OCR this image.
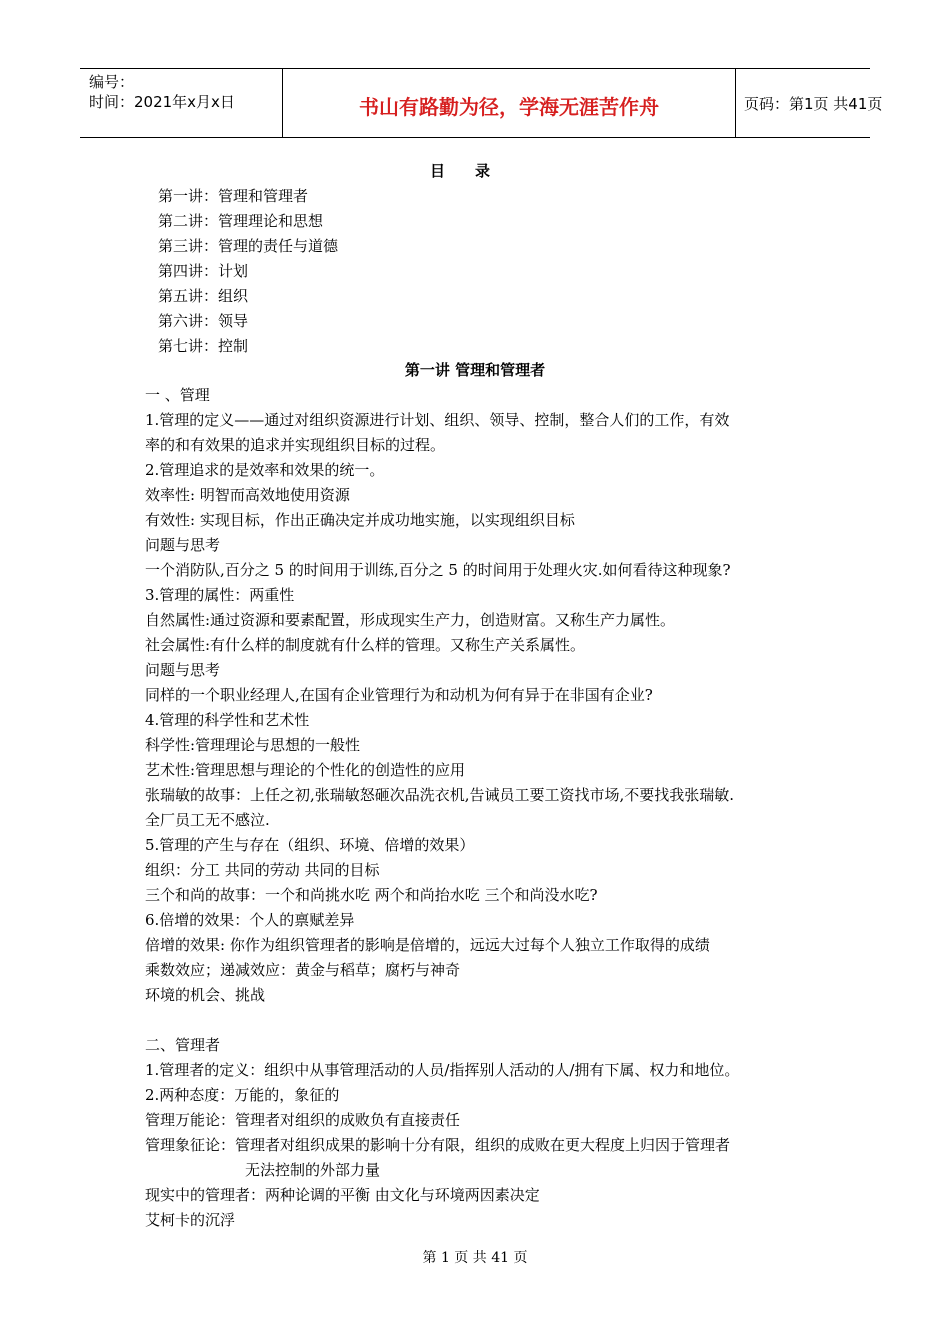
编号：
时间：2021年x月x日	书山有路勤为径，学海无涯苦作舟	页码：第1页 共41页
目录
第一讲：管理和管理者
第二讲：管理理论和思想
第三讲：管理的责任与道德
第四讲：计划
第五讲：组织
第六讲：领导
第七讲：控制
第一讲 管理和管理者
一 、管理
1.管理的定义——通过对组织资源进行计划、组织、领导、控制，整合人们的工作，有效
率的和有效果的追求并实现组织目标的过程。
2.管理追求的是效率和效果的统一。
效率性: 明智而高效地使用资源
有效性: 实现目标，作出正确决定并成功地实施，以实现组织目标
问题与思考
一个消防队,百分之 5 的时间用于训练,百分之 5 的时间用于处理火灾.如何看待这种现象?
3.管理的属性：两重性
自然属性:通过资源和要素配置，形成现实生产力，创造财富。又称生产力属性。
社会属性:有什么样的制度就有什么样的管理。又称生产关系属性。
问题与思考
同样的一个职业经理人,在国有企业管理行为和动机为何有异于在非国有企业?
4.管理的科学性和艺术性
科学性:管理理论与思想的一般性
艺术性:管理思想与理论的个性化的创造性的应用
张瑞敏的故事：上任之初,张瑞敏怒砸次品洗衣机,告诫员工要工资找市场,不要找我张瑞敏.
全厂员工无不感泣.
5.管理的产生与存在（组织、环境、倍增的效果）
组织：分工 共同的劳动 共同的目标
三个和尚的故事：一个和尚挑水吃 两个和尚抬水吃 三个和尚没水吃?
6.倍增的效果：个人的禀赋差异
倍增的效果: 你作为组织管理者的影响是倍增的，远远大过每个人独立工作取得的成绩
乘数效应；递减效应：黄金与稻草；腐朽与神奇
环境的机会、挑战
二、管理者
1.管理者的定义：组织中从事管理活动的人员/指挥别人活动的人/拥有下属、权力和地位。
2.两种态度：万能的，象征的
管理万能论：管理者对组织的成败负有直接责任
管理象征论：管理者对组织成果的影响十分有限，组织的成败在更大程度上归因于管理者
无法控制的外部力量
现实中的管理者：两种论调的平衡 由文化与环境两因素决定
艾柯卡的沉浮
第 1 页 共 41 页
